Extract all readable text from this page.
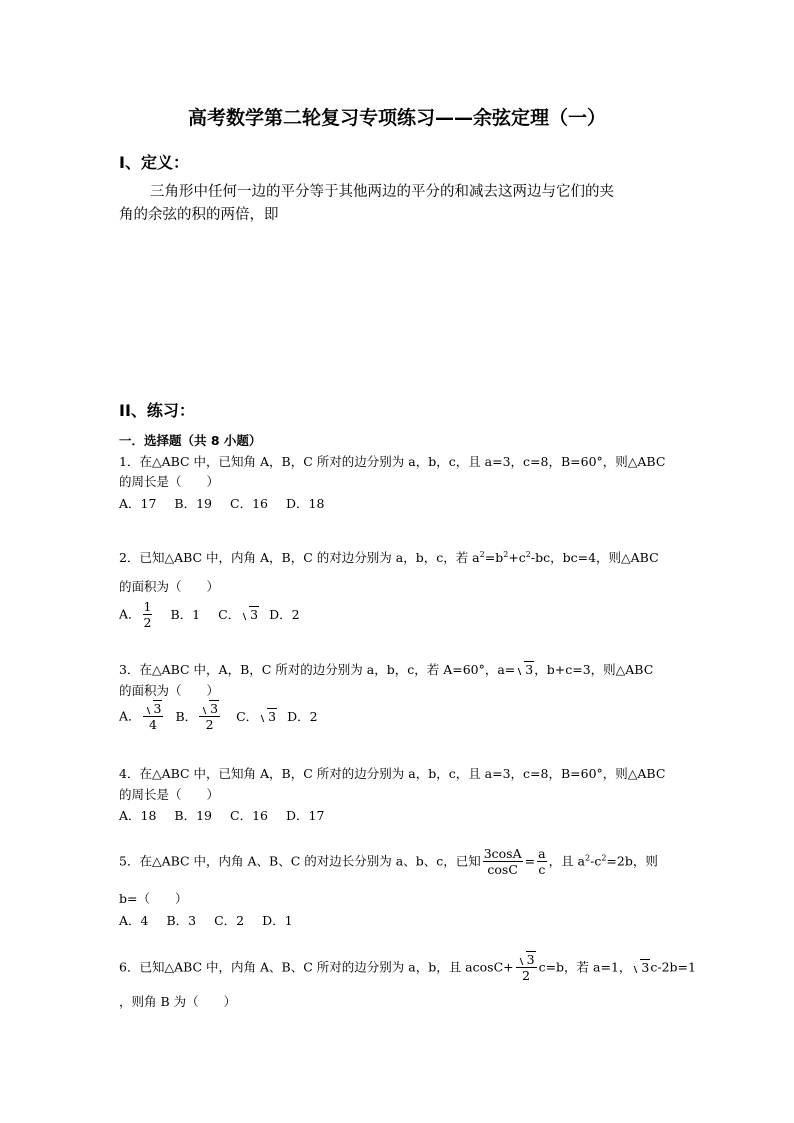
高考数学第二轮复习专项练习——余弦定理（一）
I、定义：
三角形中任何一边的平分等于其他两边的平分的和减去这两边与它们的夹
角的余弦的积的两倍，即
II、练习：
一．选择题（共 8 小题）
1．在△ABC 中，已知角 A，B，C 所对的边分别为 a，b，c，且 a=3，c=8，B=60°，则△ABC
的周长是（　　）
A．17 B．19 C．16 D．18
2．已知△ABC 中，内角 A，B，C 的对边分别为 a，b，c，若 $a^2=b^2+c^2-bc$，bc=4，则△ABC
的面积为（　　）
A． $\frac{1}{2}$ B．1 C． 3 D．2
3．在△ABC 中，A，B，C 所对的边分别为 a，b，c，若 A=60°，a= 3，b+c=3，则△ABC
的面积为（　　）
A． $\frac{3}{4}$ B． $\frac{3}{2}$ C． 3 D．2
4．在△ABC 中，已知角 A，B，C 所对的边分别为 a，b，c，且 a=3，c=8，B=60°，则△ABC
的周长是（　　）
A．18 B．19 C．16 D．17
5．在△ABC 中，内角 A、B、C 的对边长分别为 a、b、c，已知 $\frac{3\cos A}{\cos C} = \frac{a}{c}$ ，且 $a^2-c^2=2b$，则
b=（　　）
A．4 B．3 C．2 D．1
6．已知△ABC 中，内角 A、B、C 所对的边分别为 a，b，且 $acosC+ \frac{3}{2} c=b$，若 a=1， 3c-2b=1
，则角 B 为（　　）
